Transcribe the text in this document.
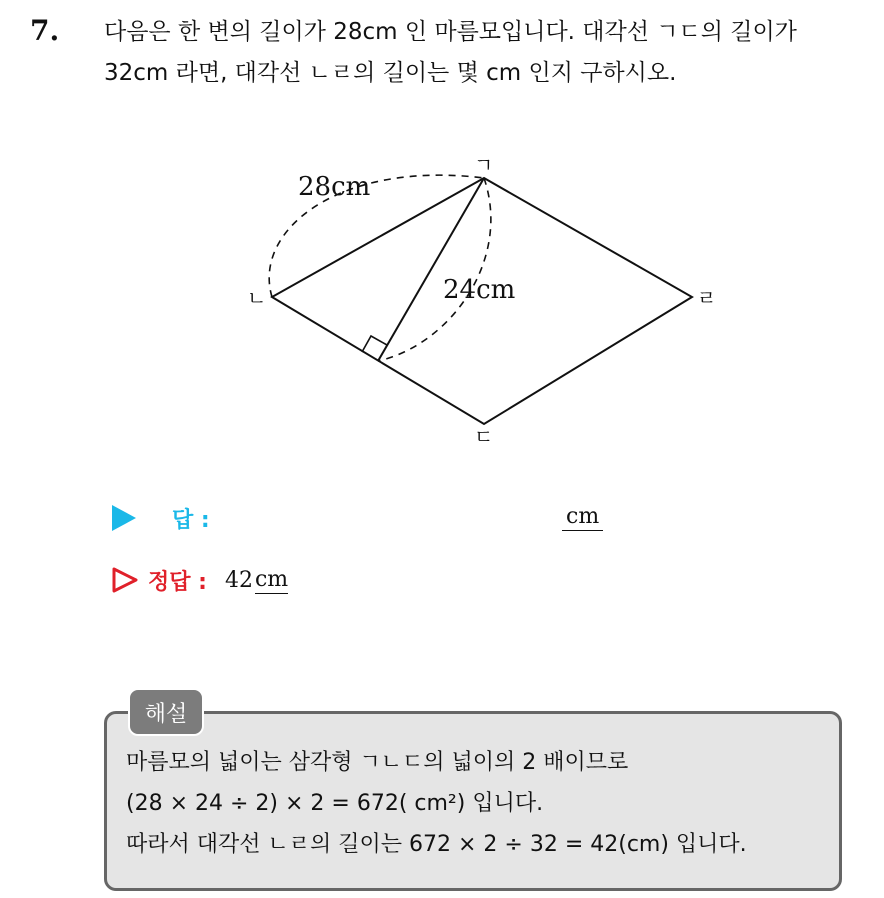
7. 다음은 한 변의 길이가 28cm 인 마름모입니다. 대각선 ㄱㄷ의 길이가
32cm 라면, 대각선 ㄴㄹ의 길이는 몇 cm 인지 구하시오.
28cm
24cm
ㄱ
ㄴ
ㄷ
ㄹ
답 :	cm
정답 : 42 cm
해설
마름모의 넓이는 삼각형 ㄱㄴㄷ의 넓이의 2 배이므로
(28 × 24 ÷ 2) × 2 = 672( cm²) 입니다.
따라서 대각선 ㄴㄹ의 길이는 672 × 2 ÷ 32 = 42(cm) 입니다.
